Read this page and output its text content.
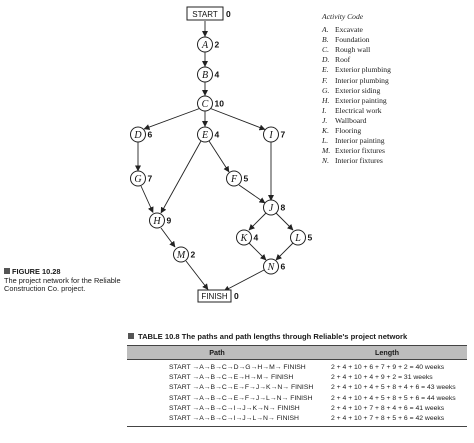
START 0
FINISH 0
A 2
B 4
C 10
D 6	E 4	I 7
G 7	F 5
J 8
H 9
K 4	L 5
M 2
N 6
Activity Code
A. Excavate
B. Foundation
C. Rough wall
D. Roof
E. Exterior plumbing
F. Interior plumbing
G. Exterior siding
H. Exterior painting
I. Electrical work
J. Wallboard
K. Flooring
L. Interior painting
M. Exterior fixtures
N. Interior fixtures
FIGURE 10.28
The project network for the Reliable Construction Co. project.
TABLE 10.8 The paths and path lengths through Reliable's project network
Path	Length
START →A→B→C→D→G→H→M→ FINISH	2 + 4 + 10 + 6 + 7 + 9 + 2 = 40 weeks
START →A→B→C→E→H→M→ FINISH	2 + 4 + 10 + 4 + 9 + 2 = 31 weeks
START →A→B→C→E→F→J→K→N→ FINISH	2 + 4 + 10 + 4 + 5 + 8 + 4 + 6 = 43 weeks
START →A→B→C→E→F→J→L→N→ FINISH	2 + 4 + 10 + 4 + 5 + 8 + 5 + 6 = 44 weeks
START →A→B→C→I→J→K→N→ FINISH	2 + 4 + 10 + 7 + 8 + 4 + 6 = 41 weeks
START →A→B→C→I→J→L→N→ FINISH	2 + 4 + 10 + 7 + 8 + 5 + 6 = 42 weeks
